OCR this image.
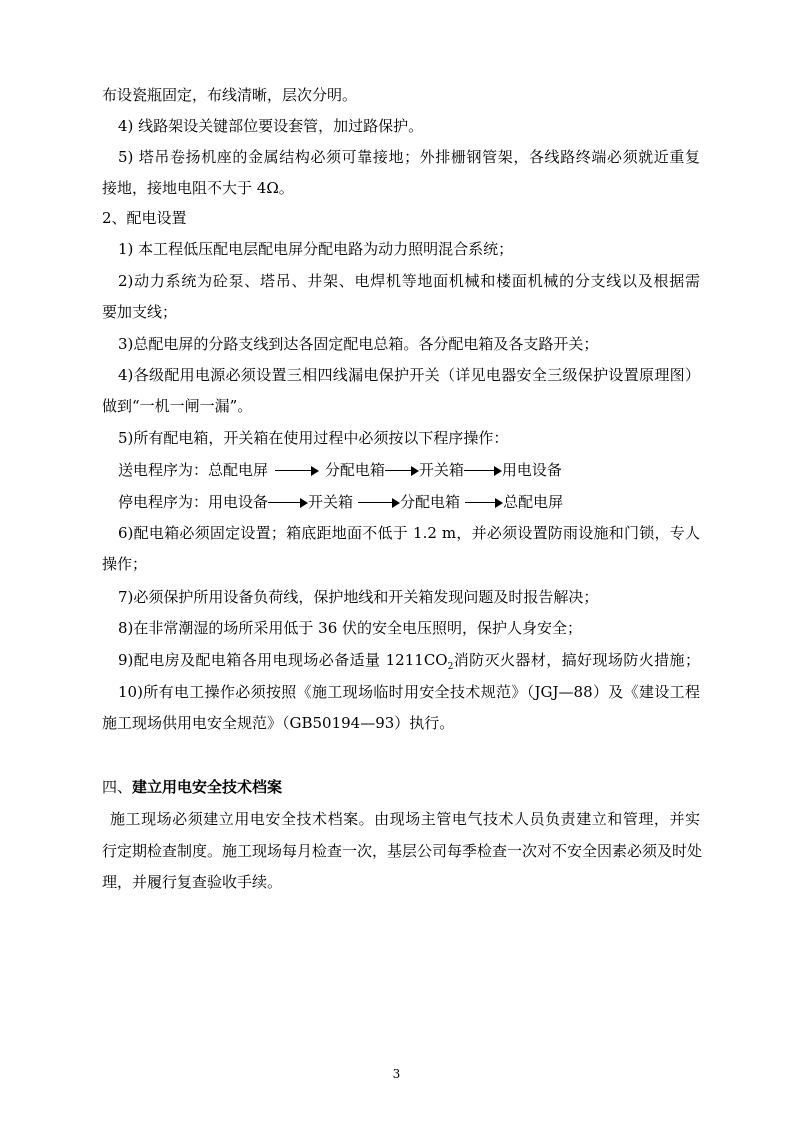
布设瓷瓶固定，布线清晰，层次分明。
4) 线路架设关键部位要设套管，加过路保护。
5) 塔吊卷扬机座的金属结构必须可靠接地；外排栅钢管架，各线路终端必须就近重复
接地，接地电阻不大于 4Ω。
2、配电设置
1) 本工程低压配电层配电屏分配电路为动力照明混合系统；
2)动力系统为砼泵、塔吊、井架、电焊机等地面机械和楼面机械的分支线以及根据需
要加支线；
3)总配电屏的分路支线到达各固定配电总箱。各分配电箱及各支路开关；
4)各级配用电源必须设置三相四线漏电保护开关（详见电器安全三级保护设置原理图）
做到“一机一闸一漏”。
5)所有配电箱，开关箱在使用过程中必须按以下程序操作：
送电程序为：总配电屏	分配电箱 开关箱	用电设备
停电程序为：用电设备	开关箱	分配电箱	总配电屏
6)配电箱必须固定设置；箱底距地面不低于 1.2 m，并必须设置防雨设施和门锁，专人
操作；
7)必须保护所用设备负荷线，保护地线和开关箱发现问题及时报告解决；
8)在非常潮湿的场所采用低于 36 伏的安全电压照明，保护人身安全；
9)配电房及配电箱各用电现场必备适量 $1211CO_2$消防灭火器材，搞好现场防火措施；
10)所有电工操作必须按照《施工现场临时用安全技术规范》（JGJ—88）及《建设工程
施工现场供用电安全规范》（GB50194—93）执行。
四、建立用电安全技术档案
施工现场必须建立用电安全技术档案。由现场主管电气技术人员负责建立和管理，并实
行定期检查制度。施工现场每月检查一次，基层公司每季检查一次对不安全因素必须及时处
理，并履行复查验收手续。
3
